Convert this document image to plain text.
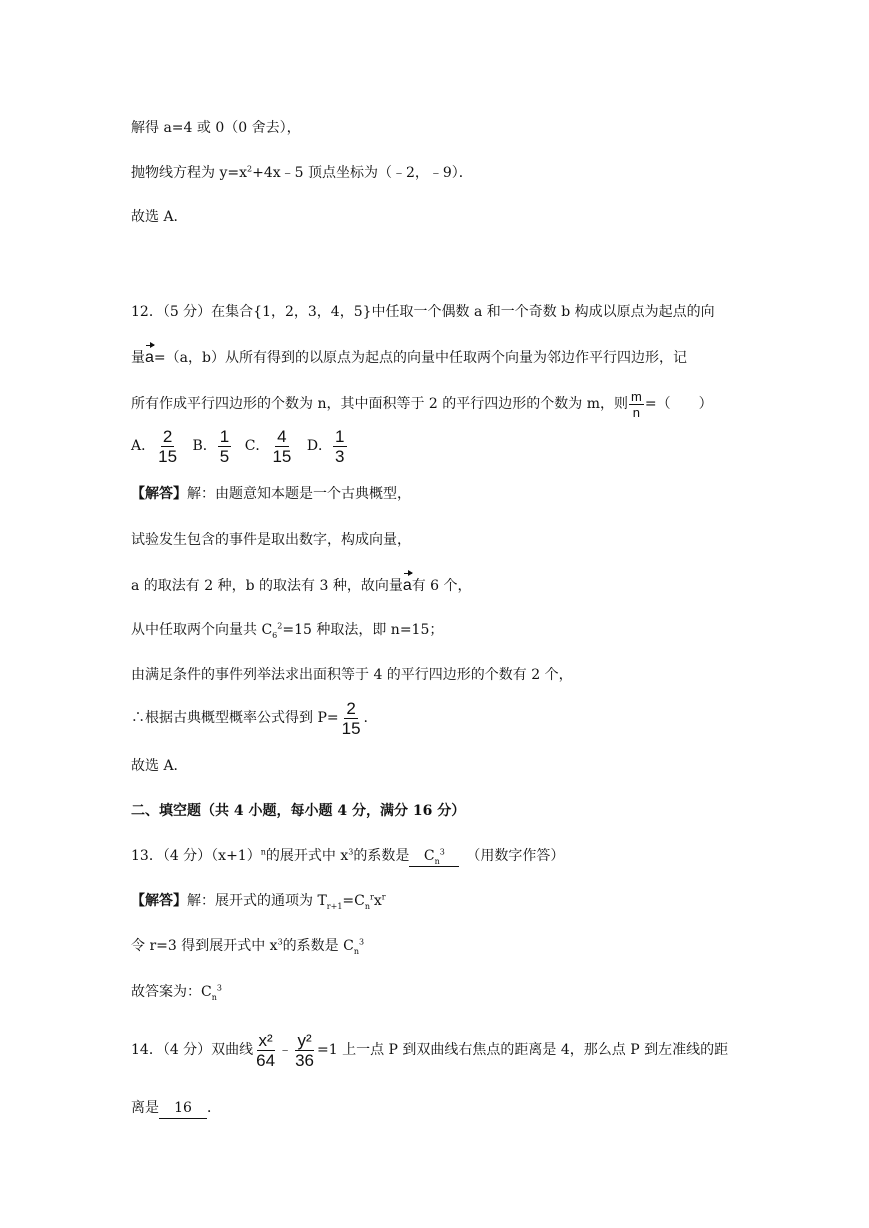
解得 a=4 或 0（0 舍去），
抛物线方程为 $y=x^2+4x﹣5$ 顶点坐标为（﹣2，﹣9）．
故选 A．
12．（5 分）在集合{1，2，3，4，5}中任取一个偶数 a 和一个奇数 b 构成以原点为起点的向
量a=（a，b）从所有得到的以原点为起点的向量中任取两个向量为邻边作平行四边形，记
所有作成平行四边形的个数为 n，其中面积等于 2 的平行四边形的个数为 m，则 $\frac{m}{n}$ =（　　）
A． $\frac{2}{15}$ B． $\frac{1}{5}$ C． $\frac{4}{15}$ D． $\frac{1}{3}$
【解答】解：由题意知本题是一个古典概型，
试验发生包含的事件是取出数字，构成向量，
a 的取法有 2 种，b 的取法有 3 种，故向量a有 6 个，
从中任取两个向量共 $C_6^2=15$ 种取法，即 n=15；
由满足条件的事件列举法求出面积等于 4 的平行四边形的个数有 2 个，
∴根据古典概型概率公式得到 $P= \frac{2}{15}$ .
故选 A．
二、填空题（共 4 小题，每小题 4 分，满分 16 分）
13．（4 分）$(x+1)^n$的展开式中 $x^3$的系数是 $C_n^3$　 （用数字作答）
【解答】解：展开式的通项为 $T_{r+1}=C_n^rx^r$
令 r=3 得到展开式中 $x^3$的系数是 $C_n^3$
故答案为：$C_n^3$
14．（4 分）双曲线 $\frac{\text{x²}}{64}$ ﹣ $\frac{\text{y²}}{36} =1$ 上一点 P 到双曲线右焦点的距离是 4，那么点 P 到左准线的距
离是 16 ．
